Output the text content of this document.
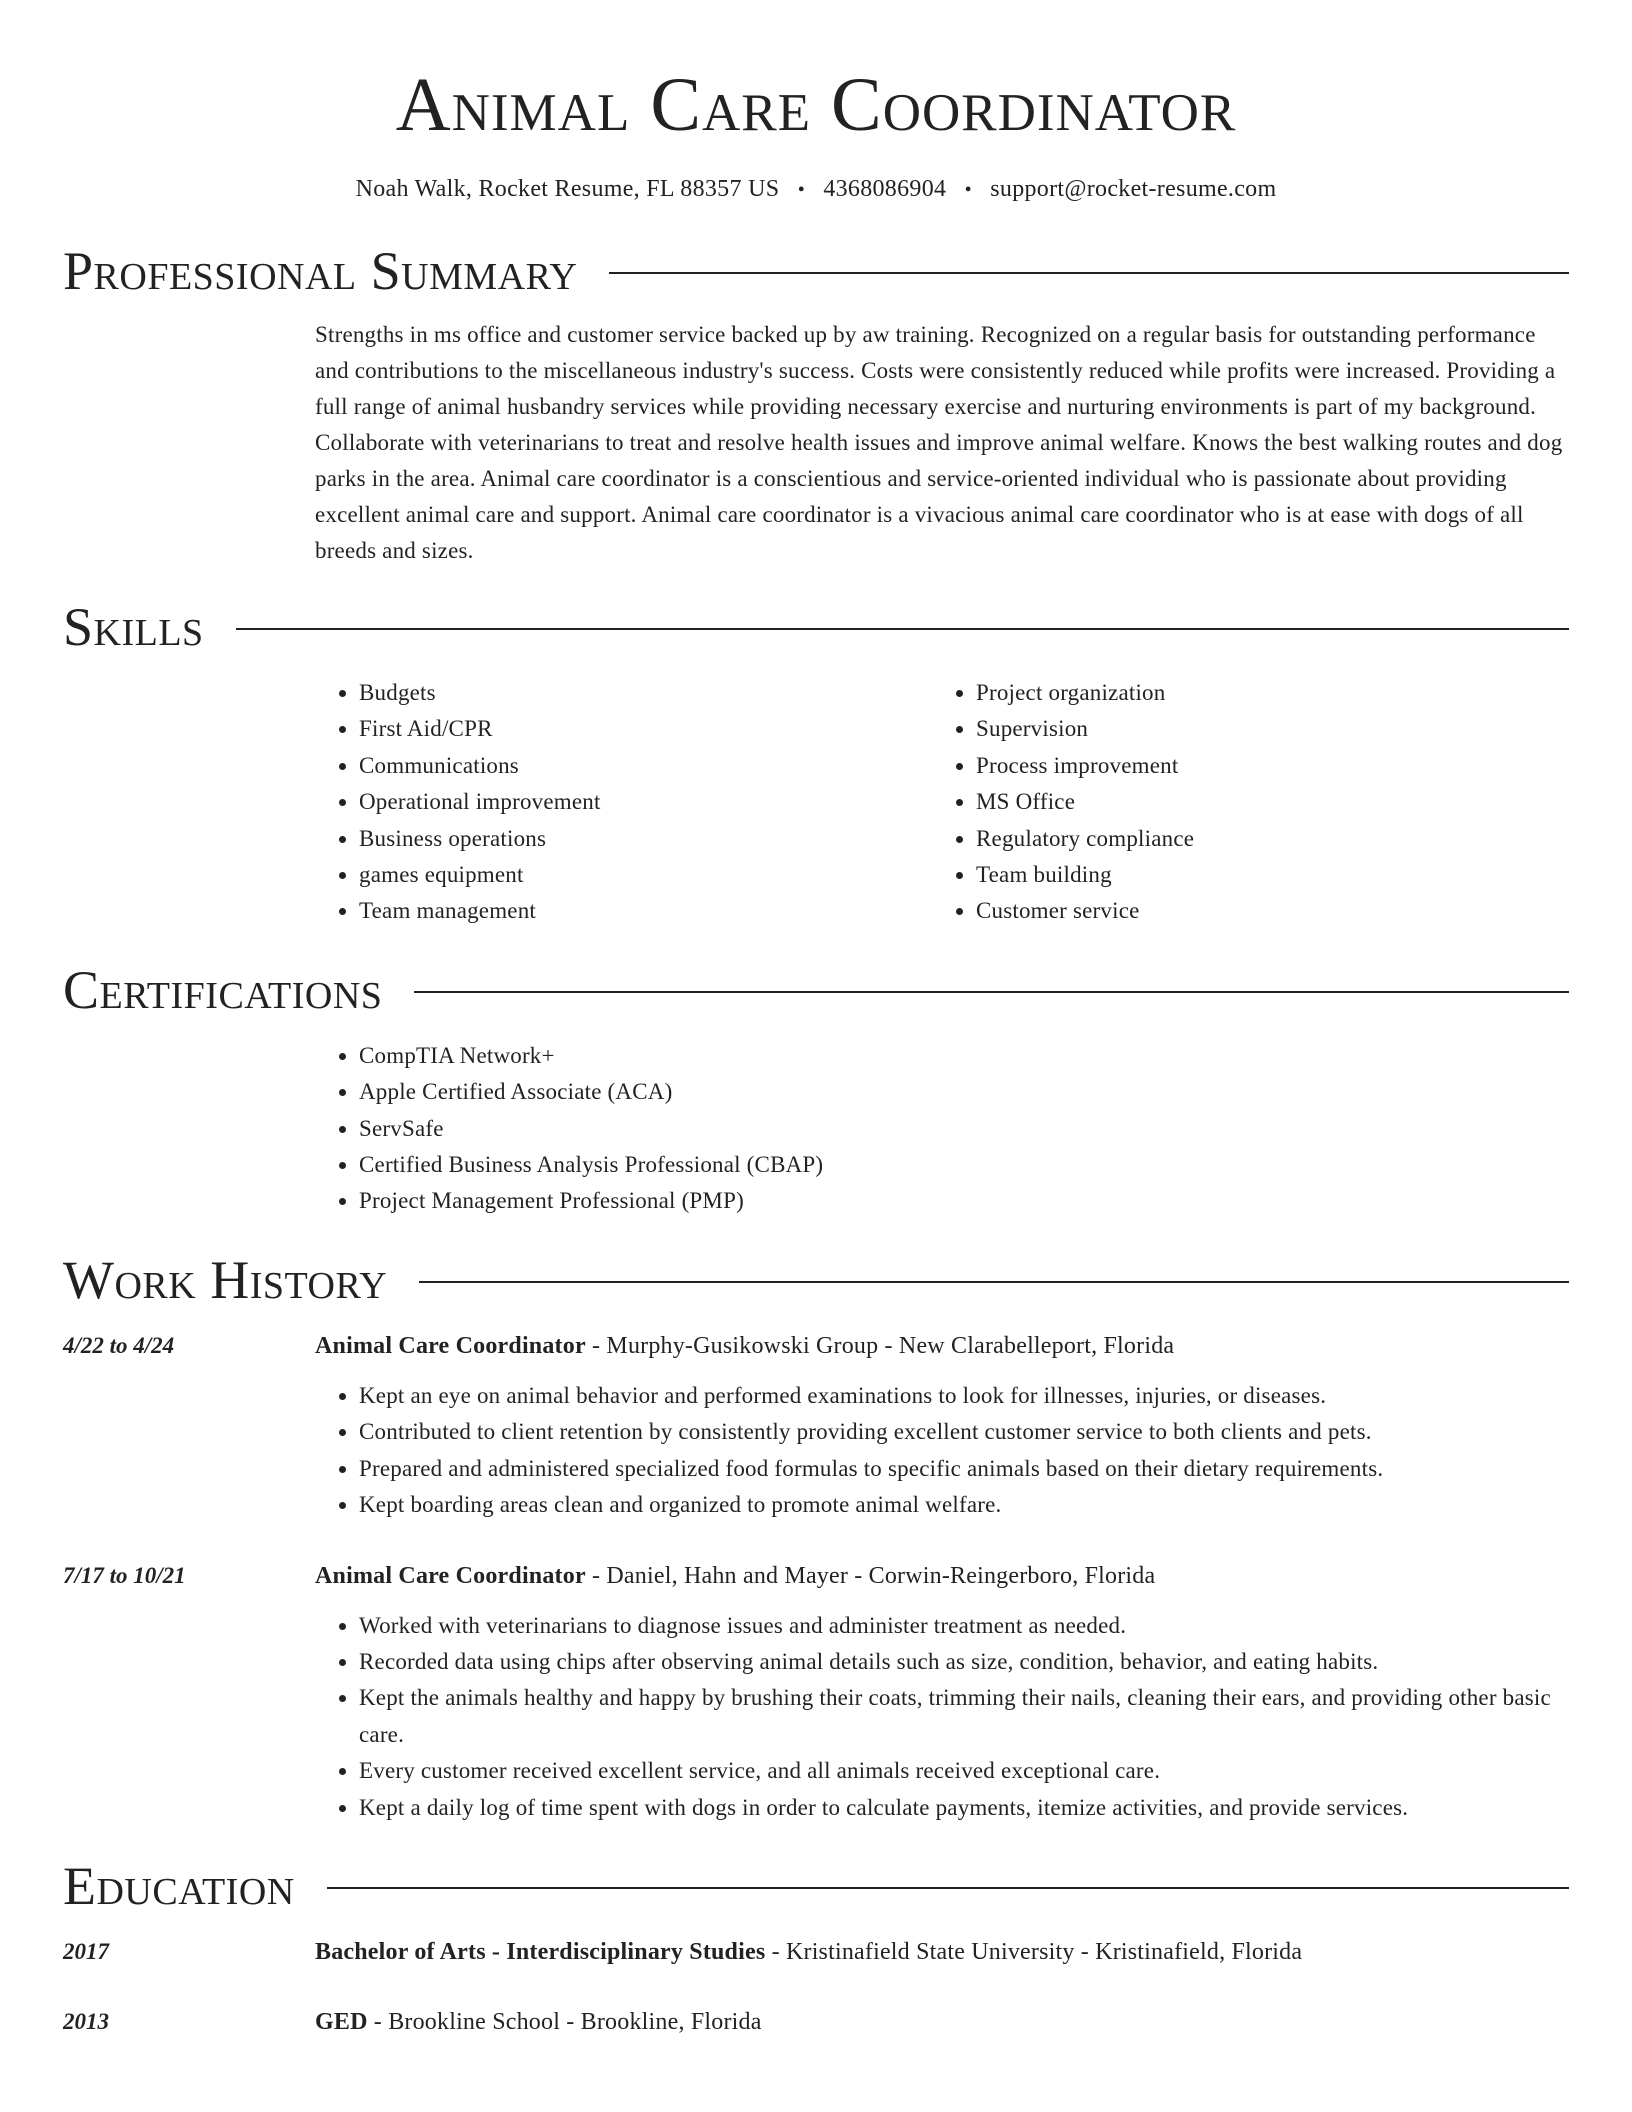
Animal Care Coordinator
Noah Walk, Rocket Resume, FL 88357 US • 4368086904 • support@rocket-resume.com
Professional Summary
Strengths in ms office and customer service backed up by aw training. Recognized on a regular basis for outstanding performance and contributions to the miscellaneous industry's success. Costs were consistently reduced while profits were increased. Providing a full range of animal husbandry services while providing necessary exercise and nurturing environments is part of my background. Collaborate with veterinarians to treat and resolve health issues and improve animal welfare. Knows the best walking routes and dog parks in the area. Animal care coordinator is a conscientious and service-oriented individual who is passionate about providing excellent animal care and support. Animal care coordinator is a vivacious animal care coordinator who is at ease with dogs of all breeds and sizes.
Skills
• Budgets
• First Aid/CPR
• Communications
• Operational improvement
• Business operations
• games equipment
• Team management
• Project organization
• Supervision
• Process improvement
• MS Office
• Regulatory compliance
• Team building
• Customer service
Certifications
• CompTIA Network+
• Apple Certified Associate (ACA)
• ServSafe
• Certified Business Analysis Professional (CBAP)
• Project Management Professional (PMP)
Work History
4/22 to 4/24	Animal Care Coordinator - Murphy-Gusikowski Group - New Clarabelleport, Florida
• Kept an eye on animal behavior and performed examinations to look for illnesses, injuries, or diseases.
• Contributed to client retention by consistently providing excellent customer service to both clients and pets.
• Prepared and administered specialized food formulas to specific animals based on their dietary requirements.
• Kept boarding areas clean and organized to promote animal welfare.
7/17 to 10/21	Animal Care Coordinator - Daniel, Hahn and Mayer - Corwin-Reingerboro, Florida
• Worked with veterinarians to diagnose issues and administer treatment as needed.
• Recorded data using chips after observing animal details such as size, condition, behavior, and eating habits.
• Kept the animals healthy and happy by brushing their coats, trimming their nails, cleaning their ears, and providing other basic care.
• Every customer received excellent service, and all animals received exceptional care.
• Kept a daily log of time spent with dogs in order to calculate payments, itemize activities, and provide services.
Education
2017	Bachelor of Arts - Interdisciplinary Studies - Kristinafield State University - Kristinafield, Florida
2013	GED - Brookline School - Brookline, Florida
